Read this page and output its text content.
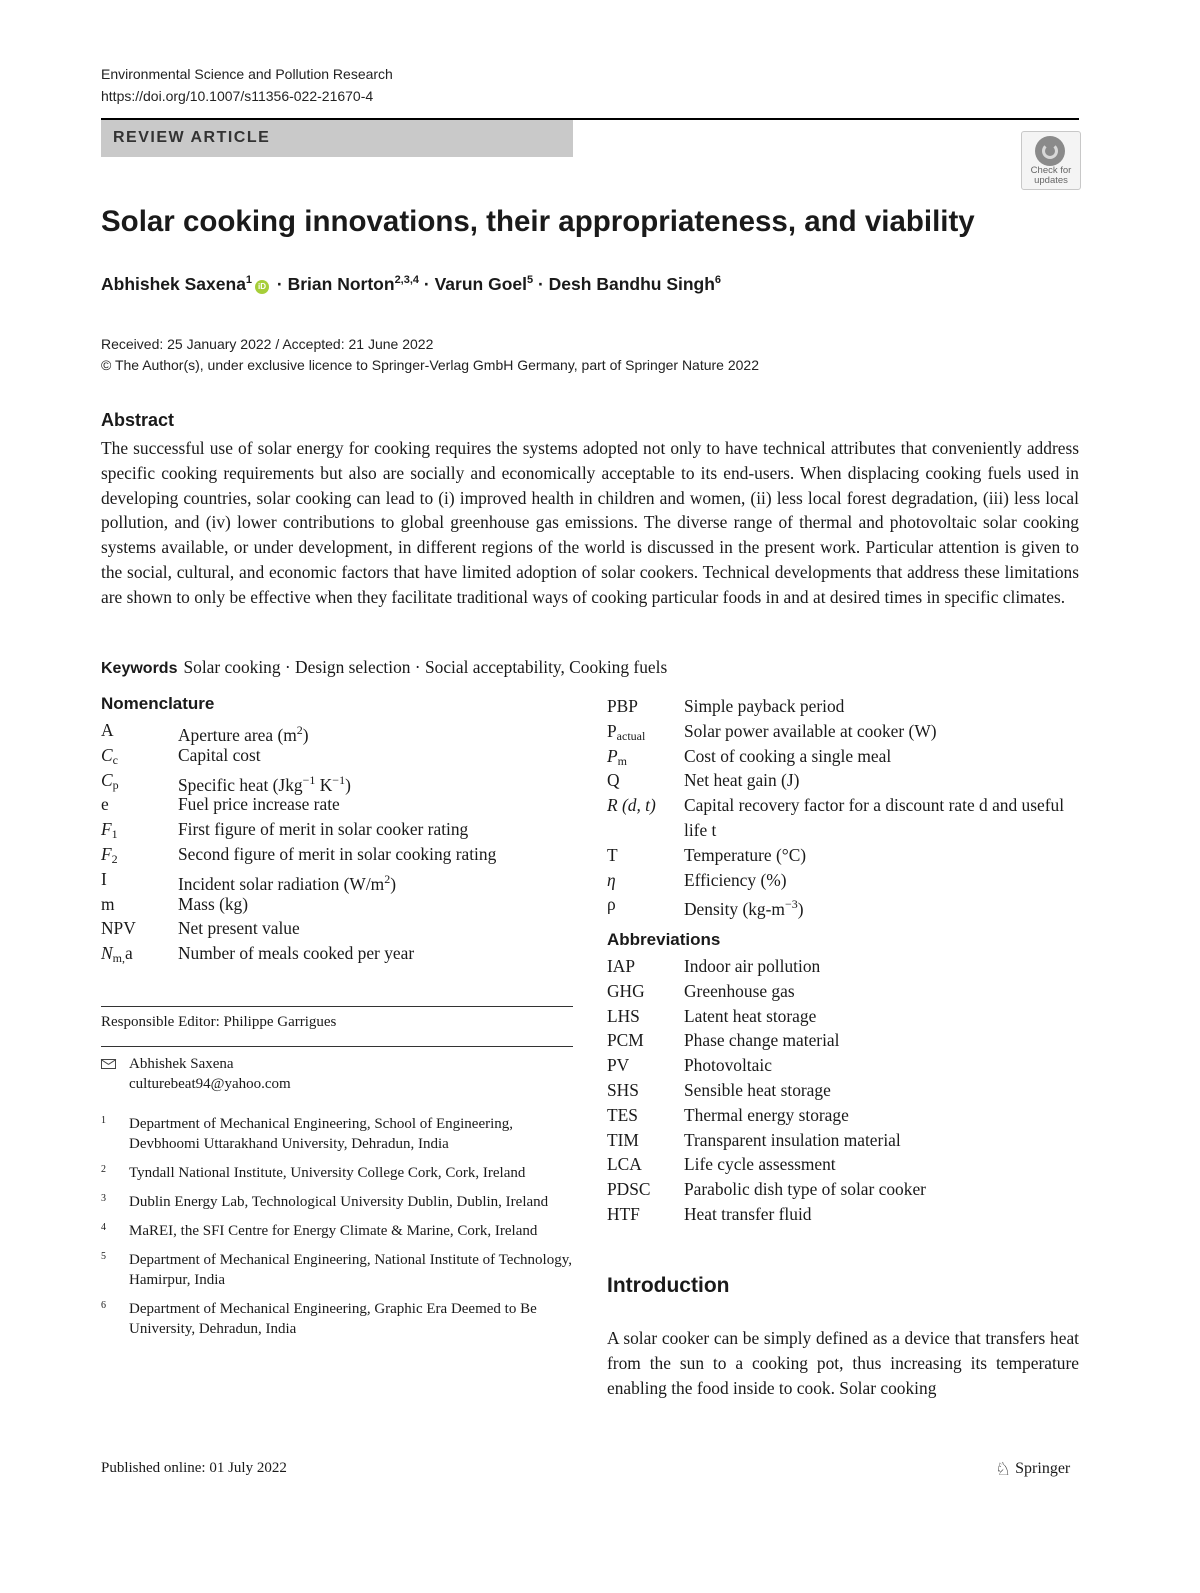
Environmental Science and Pollution Research
https://doi.org/10.1007/s11356-022-21670-4
REVIEW ARTICLE
Check for updates
Solar cooking innovations, their appropriateness, and viability
Abhishek Saxena$^1$iD · Brian Norton$^{2,3,4}$ · Varun Goel$^5$ · Desh Bandhu Singh$^6$
Received: 25 January 2022 / Accepted: 21 June 2022
© The Author(s), under exclusive licence to Springer-Verlag GmbH Germany, part of Springer Nature 2022
Abstract
The successful use of solar energy for cooking requires the systems adopted not only to have technical attributes that conveniently address specific cooking requirements but also are socially and economically acceptable to its end-users. When displacing cooking fuels used in developing countries, solar cooking can lead to (i) improved health in children and women, (ii) less local forest degradation, (iii) less local pollution, and (iv) lower contributions to global greenhouse gas emissions. The diverse range of thermal and photovoltaic solar cooking systems available, or under development, in different regions of the world is discussed in the present work. Particular attention is given to the social, cultural, and economic factors that have limited adoption of solar cookers. Technical developments that address these limitations are shown to only be effective when they facilitate traditional ways of cooking particular foods in and at desired times in specific climates.
Keywords Solar cooking · Design selection · Social acceptability, Cooking fuels
Nomenclature
A	Aperture area $(m^2)$
$C_c$	Capital cost
$C_p$	Specific heat (Jkg$^{-1}$ $K^{-1}$)
e	Fuel price increase rate
$F_1$	First figure of merit in solar cooker rating
$F_2$	Second figure of merit in solar cooking rating
I	Incident solar radiation $(W/m^2)$
m	Mass (kg)
NPV Net present value
$N_{m,}a$	Number of meals cooked per year
PBP	Simple payback period
$P_{actual}$ Solar power available at cooker (W)
$P_m$	Cost of cooking a single meal
Q	Net heat gain (J)
R (d, t) Capital recovery factor for a discount rate d and useful life t
T	Temperature (°C)
η	Efficiency (%)
ρ	Density $(kg-m^{-3})$
Abbreviations
IAP	Indoor air pollution
GHG Greenhouse gas
LHS	Latent heat storage
PCM Phase change material
PV	Photovoltaic
SHS	Sensible heat storage
TES	Thermal energy storage
TIM	Transparent insulation material
LCA Life cycle assessment
PDSC Parabolic dish type of solar cooker
HTF	Heat transfer fluid
Responsible Editor: Philippe Garrigues
Abhishek Saxena
culturebeat94@yahoo.com
1 Department of Mechanical Engineering, School of Engineering, Devbhoomi Uttarakhand University, Dehradun, India
2 Tyndall National Institute, University College Cork, Cork, Ireland
3 Dublin Energy Lab, Technological University Dublin, Dublin, Ireland
4 MaREI, the SFI Centre for Energy Climate & Marine, Cork, Ireland
5 Department of Mechanical Engineering, National Institute of Technology, Hamirpur, India
6 Department of Mechanical Engineering, Graphic Era Deemed to Be University, Dehradun, India
Introduction
A solar cooker can be simply defined as a device that transfers heat from the sun to a cooking pot, thus increasing its temperature enabling the food inside to cook. Solar cooking
Published online: 01 July 2022	♘ Springer
